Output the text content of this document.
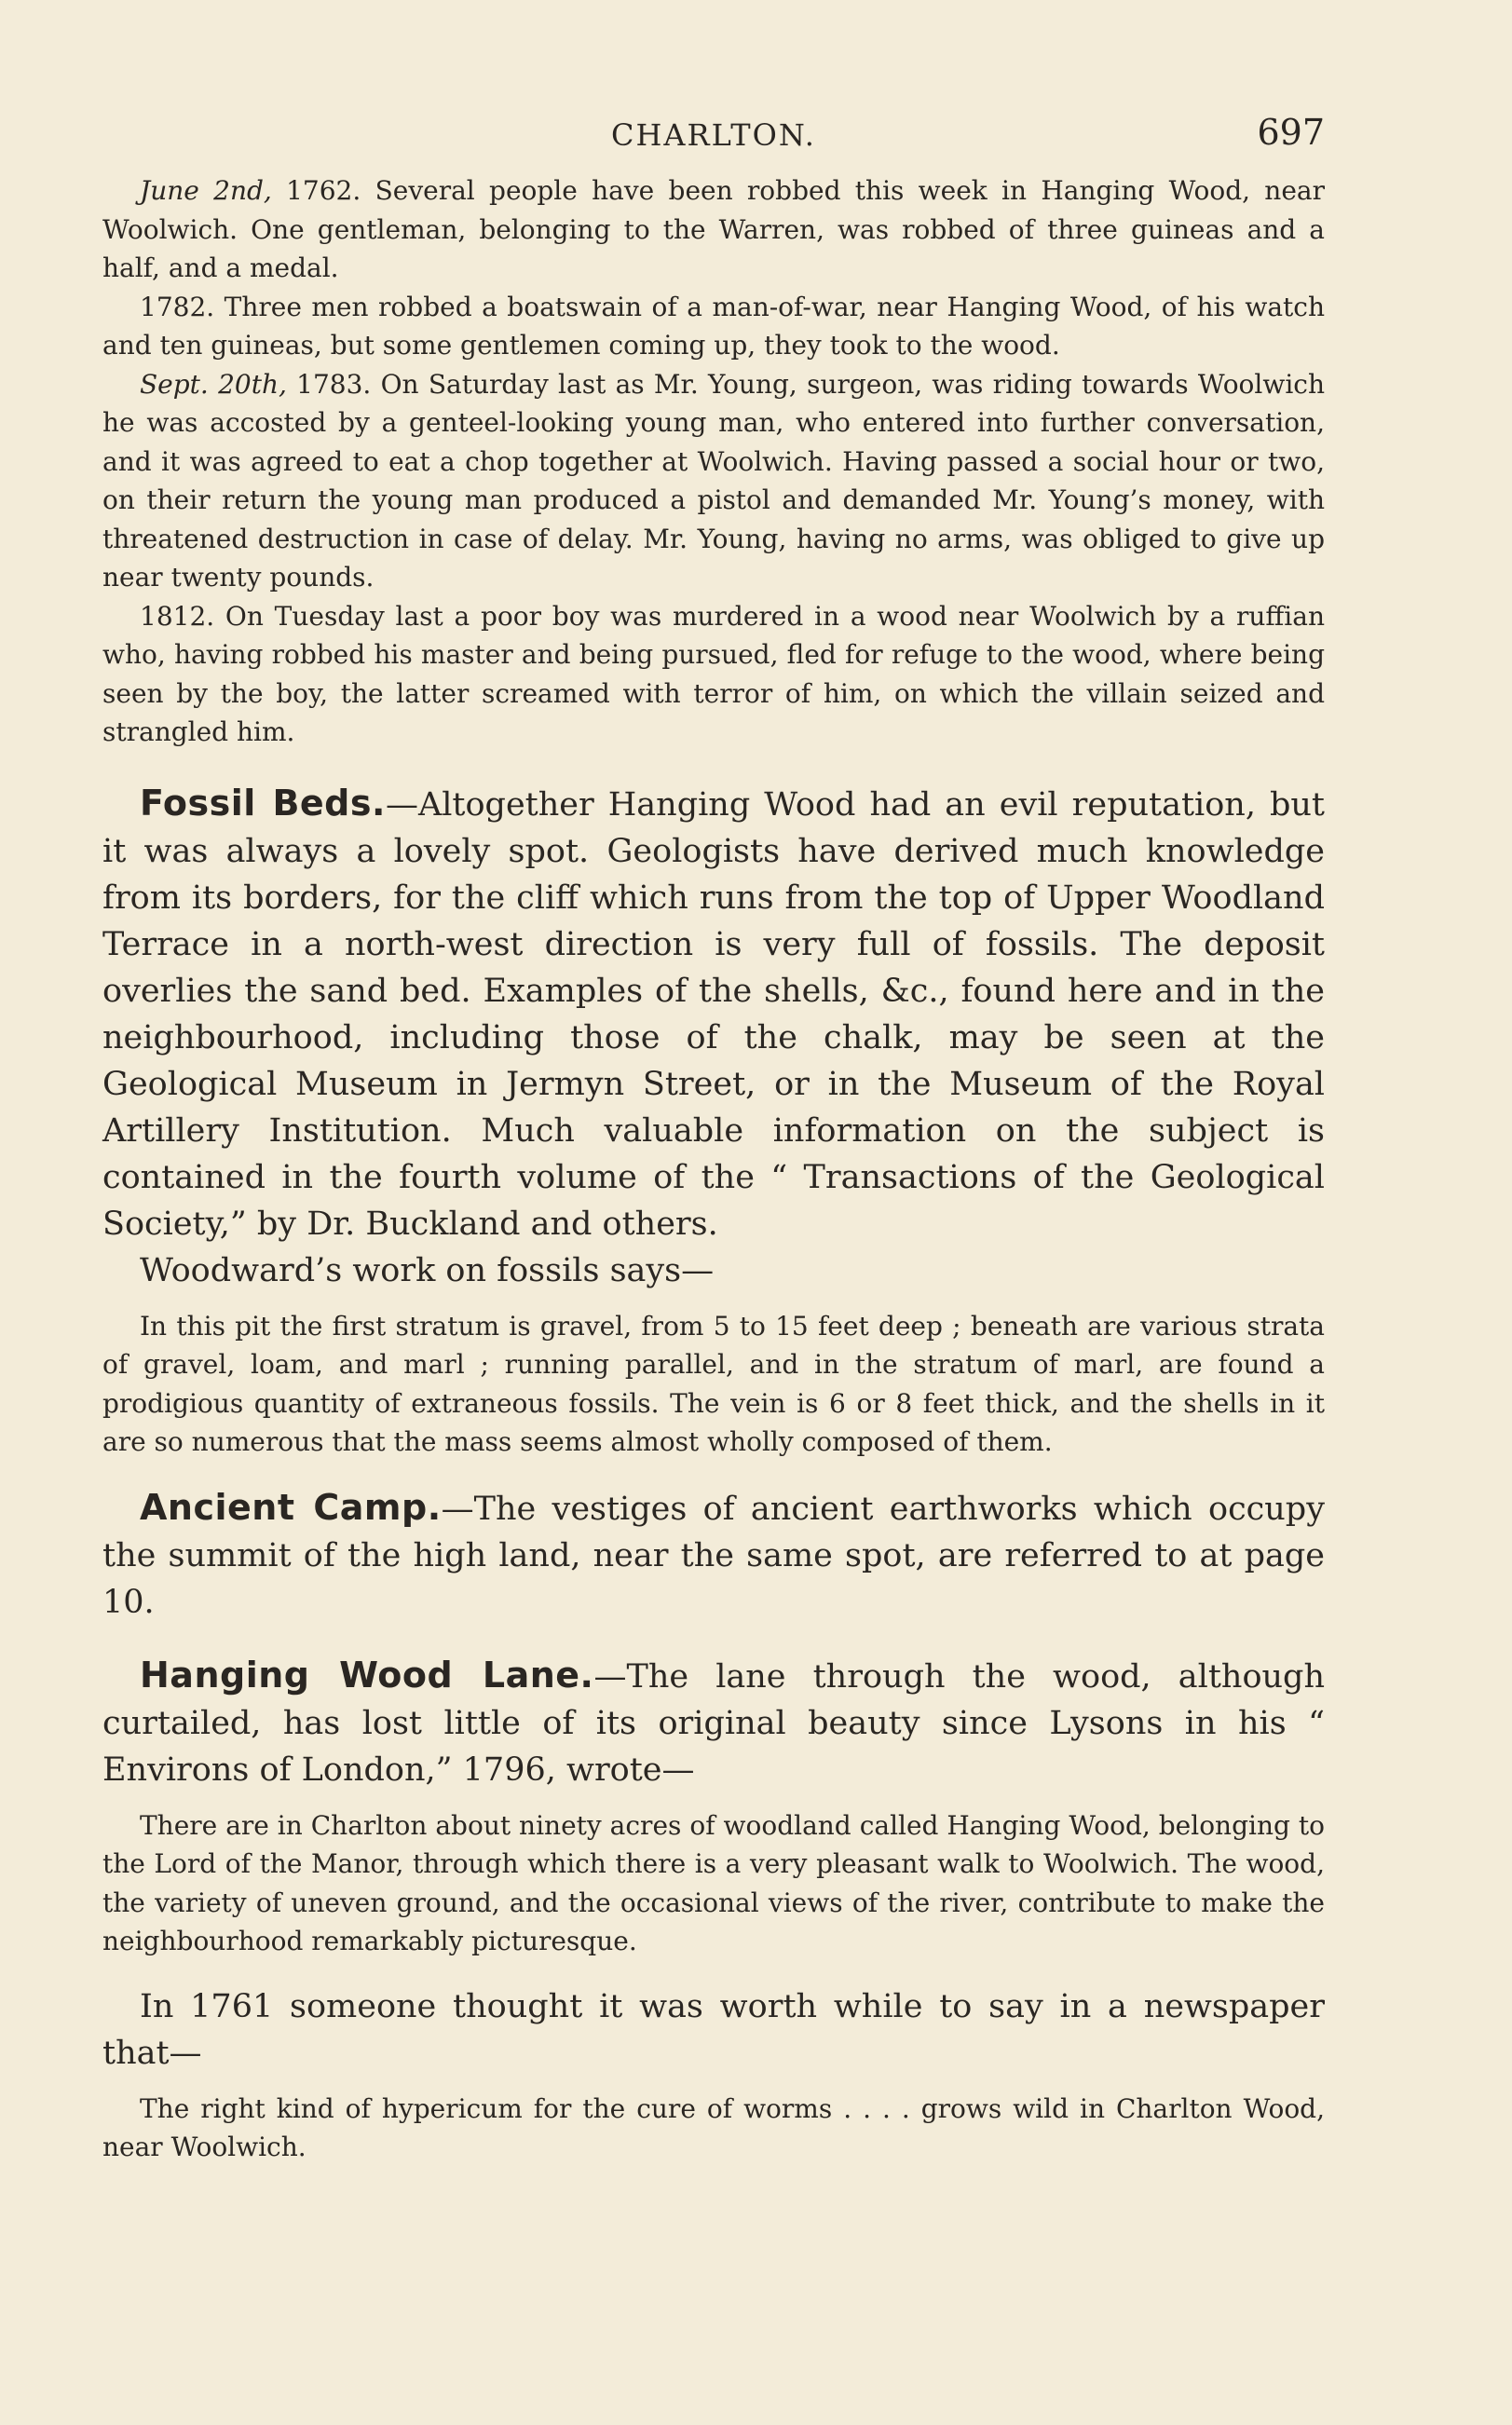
CHARLTON.	697

June 2nd, 1762. Several people have been robbed this week in Hanging Wood, near Woolwich. One gentleman, belonging to the Warren, was robbed of three guineas and a half, and a medal.

1782. Three men robbed a boatswain of a man-of-war, near Hanging Wood, of his watch and ten guineas, but some gentlemen coming up, they took to the wood.

Sept. 20th, 1783. On Saturday last as Mr. Young, surgeon, was riding towards Woolwich he was accosted by a genteel-looking young man, who entered into further conversation, and it was agreed to eat a chop together at Woolwich. Having passed a social hour or two, on their return the young man produced a pistol and demanded Mr. Young’s money, with threatened destruction in case of delay. Mr. Young, having no arms, was obliged to give up near twenty pounds.

1812. On Tuesday last a poor boy was murdered in a wood near Woolwich by a ruffian who, having robbed his master and being pursued, fled for refuge to the wood, where being seen by the boy, the latter screamed with terror of him, on which the villain seized and strangled him.

Fossil Beds.—Altogether Hanging Wood had an evil reputation, but it was always a lovely spot. Geologists have derived much knowledge from its borders, for the cliff which runs from the top of Upper Woodland Terrace in a north-west direction is very full of fossils. The deposit overlies the sand bed. Examples of the shells, &c., found here and in the neighbourhood, including those of the chalk, may be seen at the Geological Museum in Jermyn Street, or in the Museum of the Royal Artillery Institution. Much valuable information on the subject is contained in the fourth volume of the “ Transactions of the Geological Society,” by Dr. Buckland and others.

Woodward’s work on fossils says—

In this pit the first stratum is gravel, from 5 to 15 feet deep ; beneath are various strata of gravel, loam, and marl ; running parallel, and in the stratum of marl, are found a prodigious quantity of extraneous fossils. The vein is 6 or 8 feet thick, and the shells in it are so numerous that the mass seems almost wholly composed of them.

Ancient Camp.—The vestiges of ancient earthworks which occupy the summit of the high land, near the same spot, are referred to at page 10.

Hanging Wood Lane.—The lane through the wood, although curtailed, has lost little of its original beauty since Lysons in his “ Environs of London,” 1796, wrote—

There are in Charlton about ninety acres of woodland called Hanging Wood, belonging to the Lord of the Manor, through which there is a very pleasant walk to Woolwich. The wood, the variety of uneven ground, and the occasional views of the river, contribute to make the neighbourhood remarkably picturesque.

In 1761 someone thought it was worth while to say in a newspaper that—

The right kind of hypericum for the cure of worms . . . . grows wild in Charlton Wood, near Woolwich.
